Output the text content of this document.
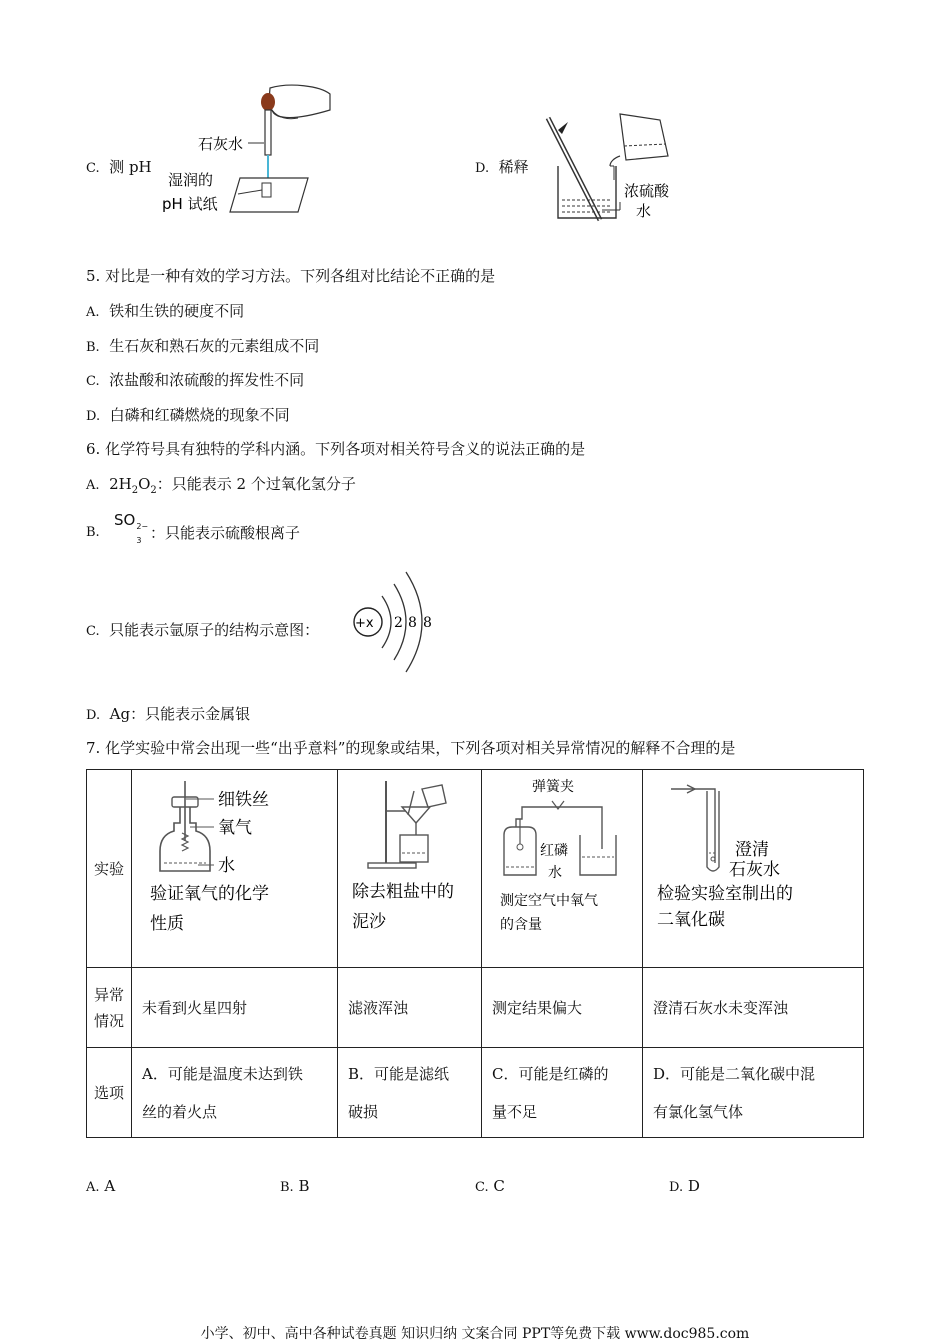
C. 测 pH
石灰水
湿润的
pH 试纸
D. 稀释
浓硫酸
水
5. 对比是一种有效的学习方法。下列各组对比结论不正确的是
A. 铁和生铁的硬度不同
B. 生石灰和熟石灰的元素组成不同
C. 浓盐酸和浓硫酸的挥发性不同
D. 白磷和红磷燃烧的现象不同
6. 化学符号具有独特的学科内涵。下列各项对相关符号含义的说法正确的是
A. $2H_2O_2$：只能表示 2 个过氧化氢分子
B.
SO 2−
3 ：只能表示硫酸根离子
C. 只能表示氩原子的结构示意图：	+x 2 8 8
D. Ag：只能表示金属银
7. 化学实验中常会出现一些“出乎意料”的现象或结果，下列各项对相关异常情况的解释不合理的是
实验	细铁丝
氧气
水
验证氧气的化学
性质	除去粗盐中的
泥沙	弹簧夹
红磷
水
测定空气中氧气
的含量	澄清
石灰水
检验实验室制出的
二氧化碳

异常
情况	未看到火星四射	滤液浑浊	测定结果偏大	澄清石灰水未变浑浊
选项	A．可能是温度未达到铁
丝的着火点	B．可能是滤纸
破损	C．可能是红磷的
量不足	D．可能是二氧化碳中混
有氯化氢气体
A. A	B. B	C. C	D. D
小学、初中、高中各种试卷真题 知识归纳 文案合同 PPT等免费下载 www.doc985.com
